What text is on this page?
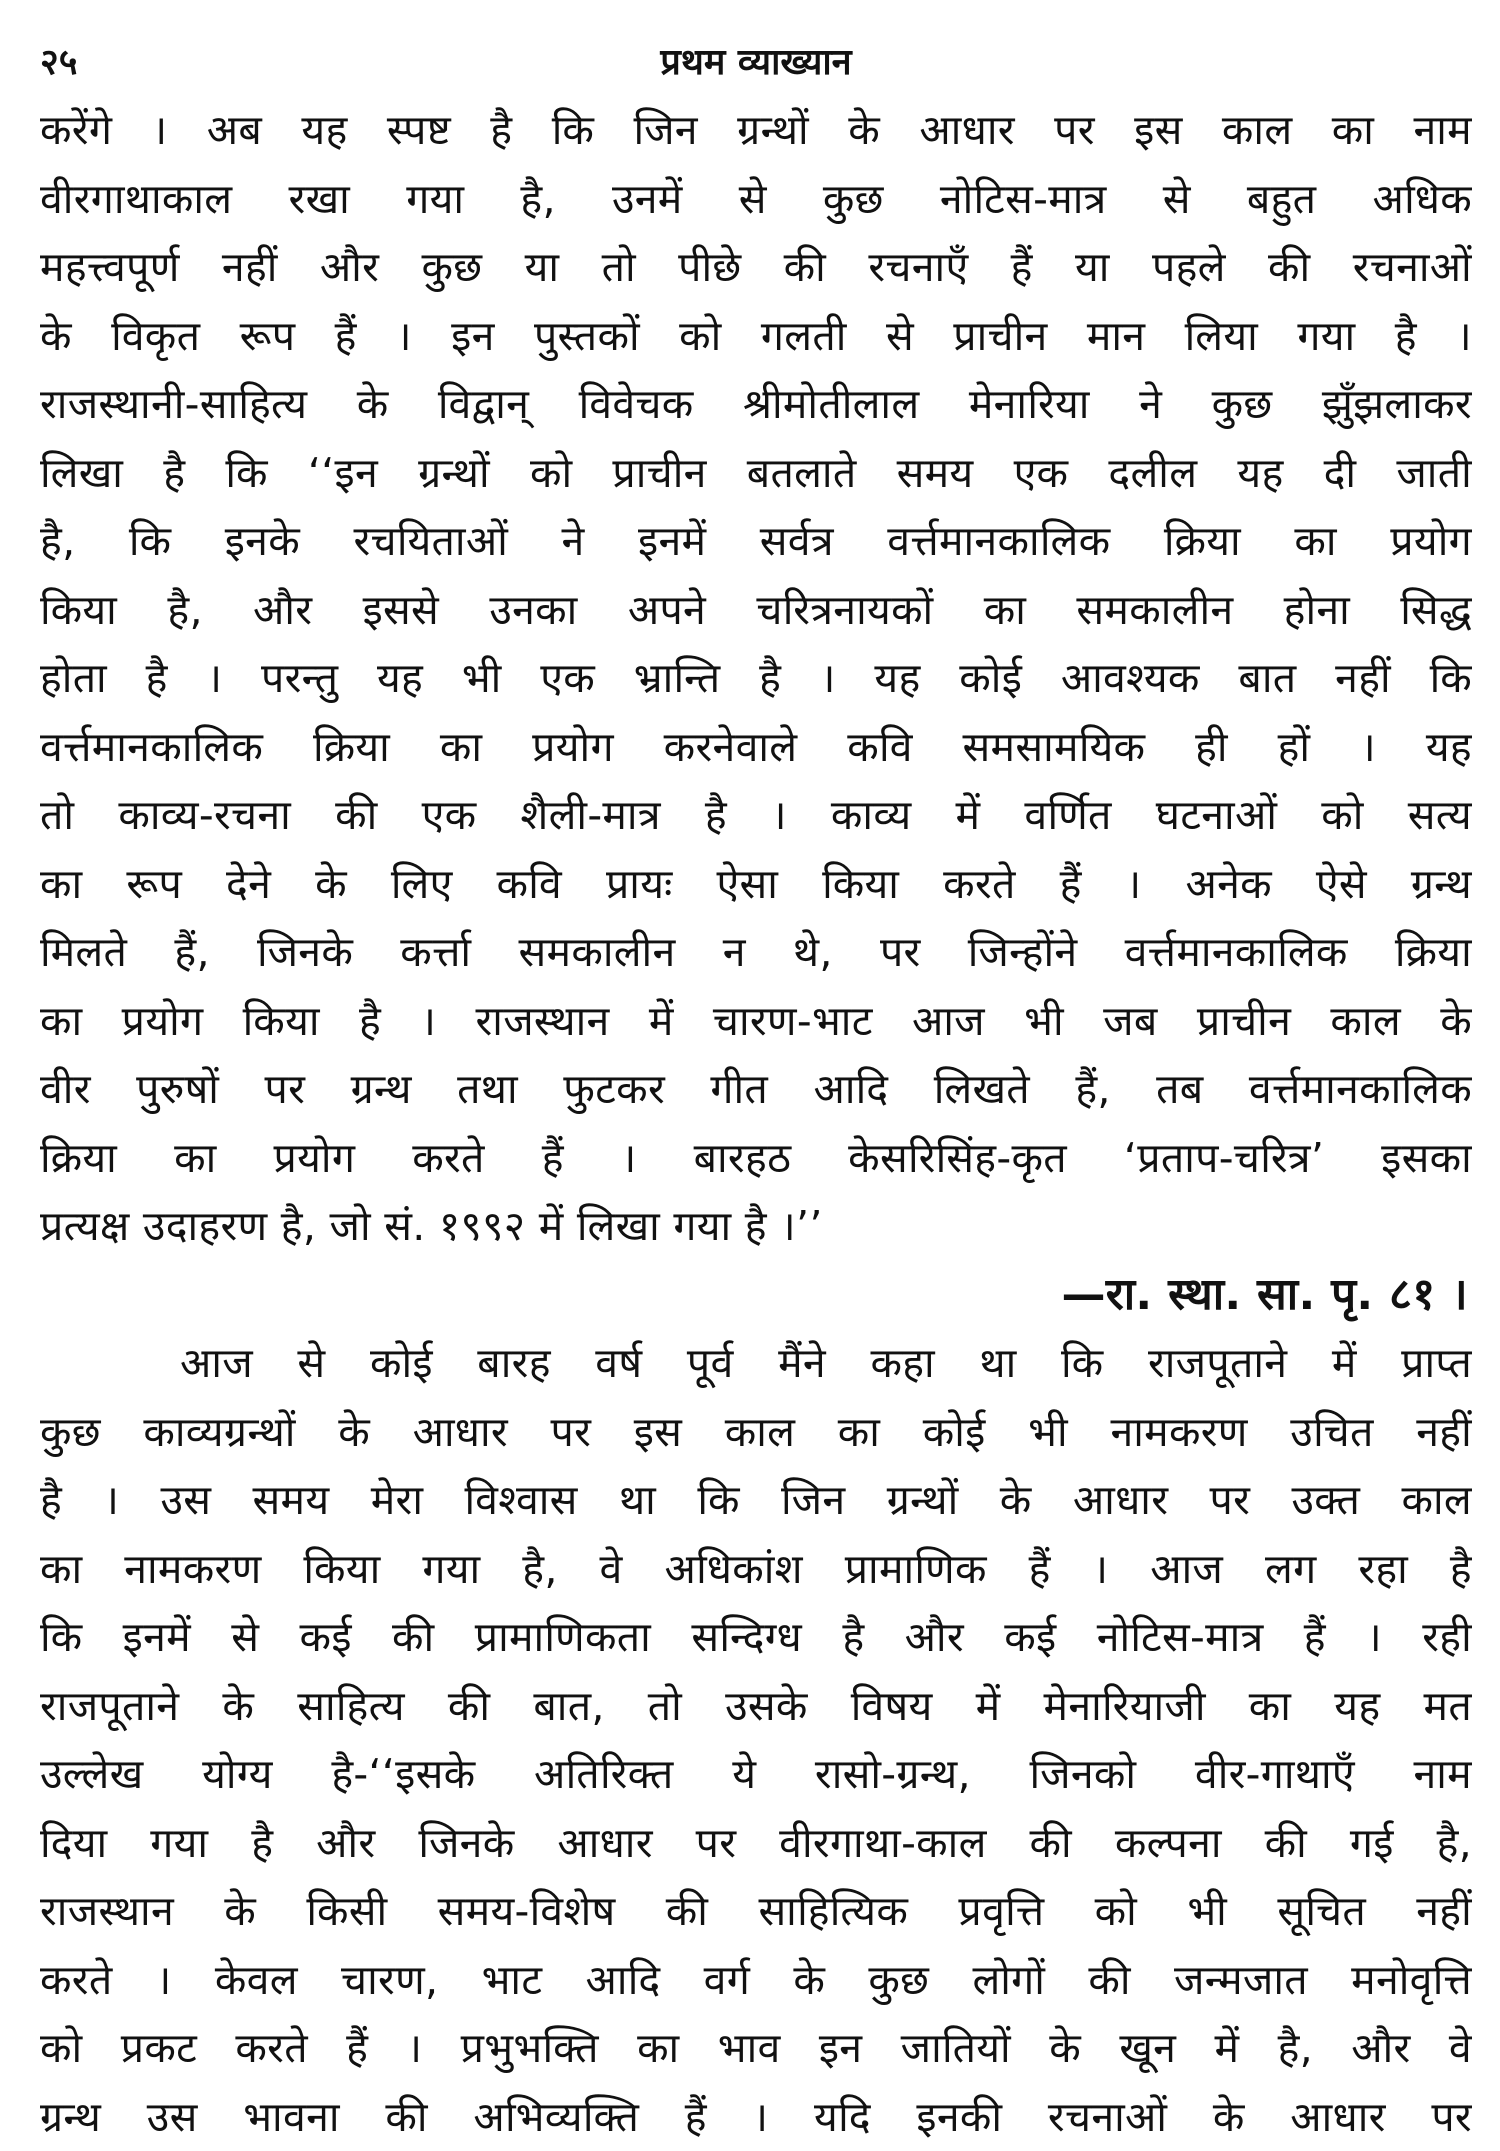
२५	प्रथम व्याख्यान
करेंगे । अब यह स्पष्ट है कि जिन ग्रन्थों के आधार पर इस काल का नाम
वीरगाथाकाल रखा गया है, उनमें से कुछ नोटिस-मात्र से बहुत अधिक
महत्त्वपूर्ण नहीं और कुछ या तो पीछे की रचनाएँ हैं या पहले की रचनाओं
के विकृत रूप हैं । इन पुस्तकों को गलती से प्राचीन मान लिया गया है ।
राजस्थानी-साहित्य के विद्वान् विवेचक श्रीमोतीलाल मेनारिया ने कुछ झुँझलाकर
लिखा है कि ‘‘इन ग्रन्थों को प्राचीन बतलाते समय एक दलील यह दी जाती
है, कि इनके रचयिताओं ने इनमें सर्वत्र वर्त्तमानकालिक क्रिया का प्रयोग
किया है, और इससे उनका अपने चरित्रनायकों का समकालीन होना सिद्ध
होता है । परन्तु यह भी एक भ्रान्ति है । यह कोई आवश्यक बात नहीं कि
वर्त्तमानकालिक क्रिया का प्रयोग करनेवाले कवि समसामयिक ही हों । यह
तो काव्य-रचना की एक शैली-मात्र है । काव्य में वर्णित घटनाओं को सत्य
का रूप देने के लिए कवि प्रायः ऐसा किया करते हैं । अनेक ऐसे ग्रन्थ
मिलते हैं, जिनके कर्त्ता समकालीन न थे, पर जिन्होंने वर्त्तमानकालिक क्रिया
का प्रयोग किया है । राजस्थान में चारण-भाट आज भी जब प्राचीन काल के
वीर पुरुषों पर ग्रन्थ तथा फुटकर गीत आदि लिखते हैं, तब वर्त्तमानकालिक
क्रिया का प्रयोग करते हैं । बारहठ केसरिसिंह-कृत ‘प्रताप-चरित्र’ इसका
प्रत्यक्ष उदाहरण है, जो सं. १९९२ में लिखा गया है ।’’
—रा. स्था. सा. पृ. ८१ ।
आज से कोई बारह वर्ष पूर्व मैंने कहा था कि राजपूताने में प्राप्त
कुछ काव्यग्रन्थों के आधार पर इस काल का कोई भी नामकरण उचित नहीं
है । उस समय मेरा विश्वास था कि जिन ग्रन्थों के आधार पर उक्त काल
का नामकरण किया गया है, वे अधिकांश प्रामाणिक हैं । आज लग रहा है
कि इनमें से कई की प्रामाणिकता सन्दिग्ध है और कई नोटिस-मात्र हैं । रही
राजपूताने के साहित्य की बात, तो उसके विषय में मेनारियाजी का यह मत
उल्लेख योग्य है-‘‘इसके अतिरिक्त ये रासो-ग्रन्थ, जिनको वीर-गाथाएँ नाम
दिया गया है और जिनके आधार पर वीरगाथा-काल की कल्पना की गई है,
राजस्थान के किसी समय-विशेष की साहित्यिक प्रवृत्ति को भी सूचित नहीं
करते । केवल चारण, भाट आदि वर्ग के कुछ लोगों की जन्मजात मनोवृत्ति
को प्रकट करते हैं । प्रभुभक्ति का भाव इन जातियों के खून में है, और वे
ग्रन्थ उस भावना की अभिव्यक्ति हैं । यदि इनकी रचनाओं के आधार पर
